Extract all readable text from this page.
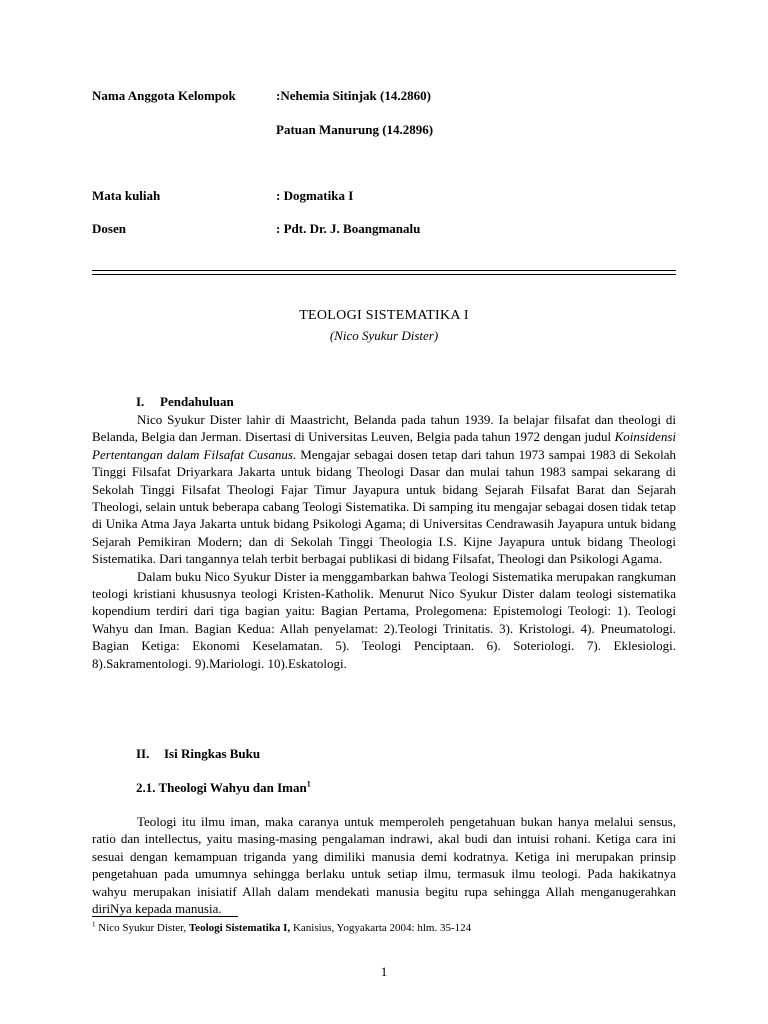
Nama Anggota Kelompok	:Nehemia Sitinjak (14.2860)
Patuan Manurung (14.2896)
Mata kuliah	: Dogmatika I
Dosen	: Pdt. Dr. J. Boangmanalu
TEOLOGI SISTEMATIKA I
(Nico Syukur Dister)
I. Pendahuluan

Nico Syukur Dister lahir di Maastricht, Belanda pada tahun 1939. Ia belajar filsafat dan theologi di Belanda, Belgia dan Jerman. Disertasi di Universitas Leuven, Belgia pada tahun 1972 dengan judul Koinsidensi Pertentangan dalam Filsafat Cusanus. Mengajar sebagai dosen tetap dari tahun 1973 sampai 1983 di Sekolah Tinggi Filsafat Driyarkara Jakarta untuk bidang Theologi Dasar dan mulai tahun 1983 sampai sekarang di Sekolah Tinggi Filsafat Theologi Fajar Timur Jayapura untuk bidang Sejarah Filsafat Barat dan Sejarah Theologi, selain untuk beberapa cabang Teologi Sistematika. Di samping itu mengajar sebagai dosen tidak tetap di Unika Atma Jaya Jakarta untuk bidang Psikologi Agama; di Universitas Cendrawasih Jayapura untuk bidang Sejarah Pemikiran Modern; dan di Sekolah Tinggi Theologia I.S. Kijne Jayapura untuk bidang Theologi Sistematika. Dari tangannya telah terbit berbagai publikasi di bidang Filsafat, Theologi dan Psikologi Agama.

Dalam buku Nico Syukur Dister ia menggambarkan bahwa Teologi Sistematika merupakan rangkuman teologi kristiani khususnya teologi Kristen-Katholik. Menurut Nico Syukur Dister dalam teologi sistematika kopendium terdiri dari tiga bagian yaitu: Bagian Pertama, Prolegomena: Epistemologi Teologi: 1). Teologi Wahyu dan Iman. Bagian Kedua: Allah penyelamat: 2).Teologi Trinitatis. 3). Kristologi. 4). Pneumatologi. Bagian Ketiga: Ekonomi Keselamatan. 5). Teologi Penciptaan. 6). Soteriologi. 7). Eklesiologi. 8).Sakramentologi. 9).Mariologi. 10).Eskatologi.

II. Isi Ringkas Buku
2.1. Theologi Wahyu dan Iman$^1$

Teologi itu ilmu iman, maka caranya untuk memperoleh pengetahuan bukan hanya melalui sensus, ratio dan intellectus, yaitu masing-masing pengalaman indrawi, akal budi dan intuisi rohani. Ketiga cara ini sesuai dengan kemampuan triganda yang dimiliki manusia demi kodratnya. Ketiga ini merupakan prinsip pengetahuan pada umumnya sehingga berlaku untuk setiap ilmu, termasuk ilmu teologi. Pada hakikatnya wahyu merupakan inisiatif Allah dalam mendekati manusia begitu rupa sehingga Allah menganugerahkan diriNya kepada manusia.

$^1$ Nico Syukur Dister, Teologi Sistematika I, Kanisius, Yogyakarta 2004: hlm. 35-124
1
